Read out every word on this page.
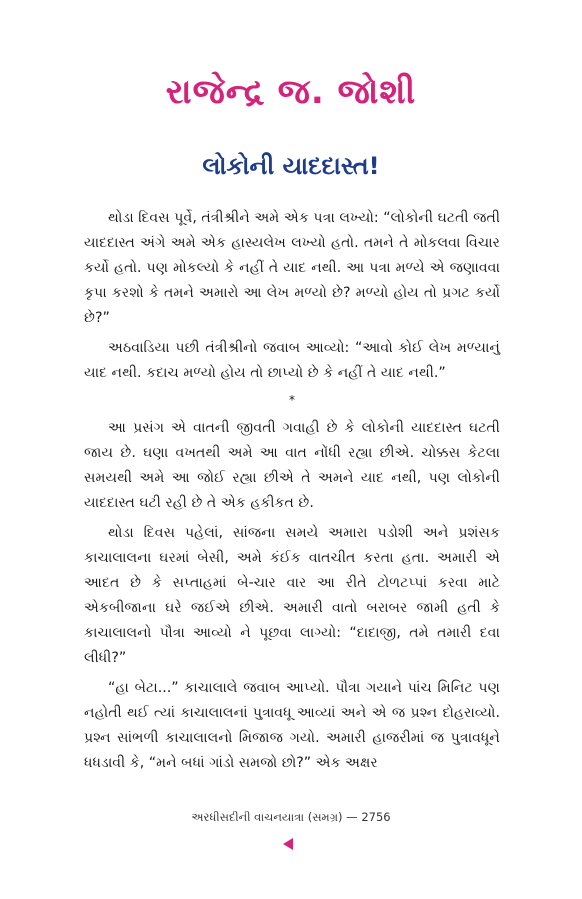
રાજેન્દ્ર જ. જોશી
લોકોની યાદદાસ્ત!

થોડા દિવસ પૂર્વે, તંત્રીશ્રીને અમે એક પત્રા લખ્યો: “લોકોની ઘટતી જતી યાદદાસ્ત અંગે અમે એક હાસ્યલેખ લખ્યો હતો. તમને તે મોકલવા વિચાર કર્યો હતો. પણ મોકલ્યો કે નહીં તે યાદ નથી. આ પત્રા મળ્યે એ જણાવવા કૃપા કરશો કે તમને અમારો આ લેખ મળ્યો છે? મળ્યો હોય તો પ્રગટ કર્યો છે?”

અઠવાડિયા પછી તંત્રીશ્રીનો જવાબ આવ્યો: “આવો કોઈ લેખ મળ્યાનું યાદ નથી. કદાચ મળ્યો હોય તો છાપ્યો છે કે નહીં તે યાદ નથી.”

*

આ પ્રસંગ એ વાતની જીવતી ગવાહી છે કે લોકોની યાદદાસ્ત ઘટતી જાય છે. ઘણા વખતથી અમે આ વાત નોંધી રહ્યા છીએ. ચોક્કસ કેટલા સમયથી અમે આ જોઈ રહ્યા છીએ તે અમને યાદ નથી, પણ લોકોની યાદદાસ્ત ઘટી રહી છે તે એક હકીકત છે.

થોડા દિવસ પહેલાં, સાંજના સમયે અમારા પડોશી અને પ્રશંસક કાચાલાલના ઘરમાં બેસી, અમે કંઈક વાતચીત કરતા હતા. અમારી એ આદત છે કે સપ્તાહમાં બે-ચાર વાર આ રીતે ટોળટપ્પાં કરવા માટે એકબીજાના ઘરે જઈએ છીએ. અમારી વાતો બરાબર જામી હતી કે કાચાલાલનો પૌત્રા આવ્યો ને પૂછવા લાગ્યો: “દાદાજી, તમે તમારી દવા લીધી?”

“હા બેટા...” કાચાલાલે જવાબ આપ્યો. પૌત્રા ગયાને પાંચ મિનિટ પણ નહોતી થઈ ત્યાં કાચાલાલનાં પુત્રાવધૂ આવ્યાં અને એ જ પ્રશ્ન દોહરાવ્યો. પ્રશ્ન સાંભળી કાચાલાલનો મિજાજ ગયો. અમારી હાજરીમાં જ પુત્રાવધૂને ધધડાવી કે, “મને બધાં ગાંડો સમજો છો?” એક અક્ષર

અરધીસદીની વાચનયાત્રા (સમગ્ર) — 2756
